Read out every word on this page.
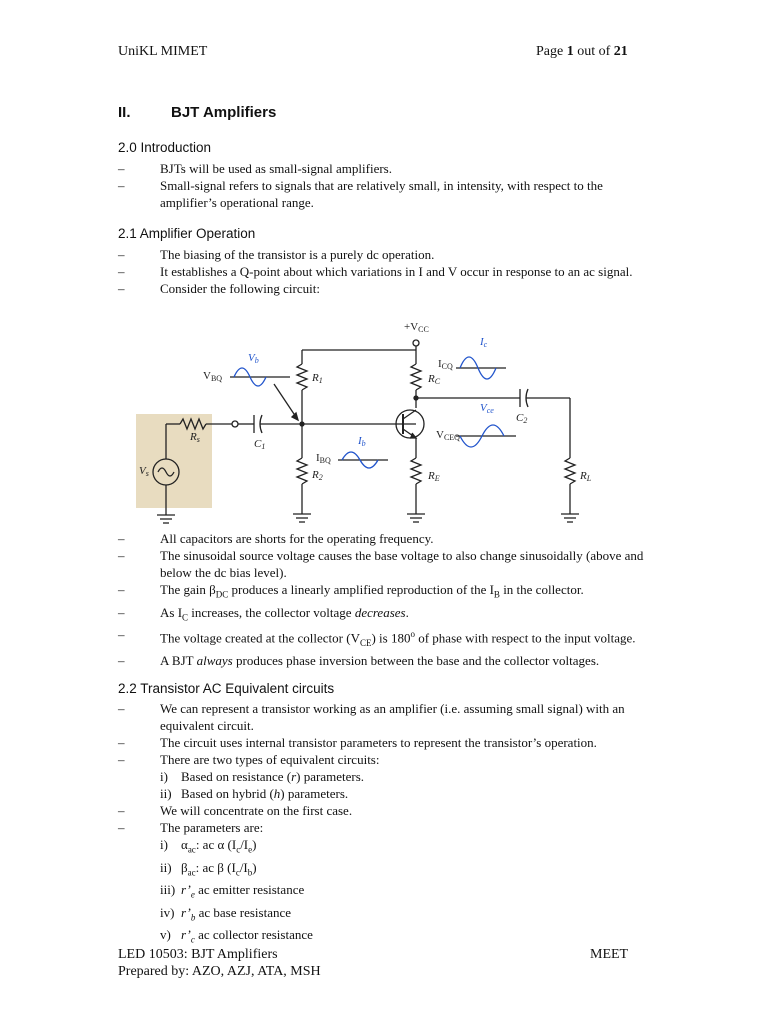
UniKL MIMET	Page 1 out of 21
II.	BJT Amplifiers
2.0 Introduction
– BJTs will be used as small-signal amplifiers.
– Small-signal refers to signals that are relatively small, in intensity, with respect to the amplifier’s operational range.
2.1 Amplifier Operation
– The biasing of the transistor is a purely dc operation.
– It establishes a Q-point about which variations in I and V occur in response to an ac signal.
– Consider the following circuit:
+VCC
Vb
VBQ	R1
R2
Rs
Vs
C1
C2
Ib
IBQ
Ic
ICQ
RC
RE
Vce
VCEQ
RL
– All capacitors are shorts for the operating frequency.
– The sinusoidal source voltage causes the base voltage to also change sinusoidally (above and below the dc bias level).
– The gain $\beta_{DC}$ produces a linearly amplified reproduction of the $I_B$ in the collector.
– As $I_C$ increases, the collector voltage decreases.
– The voltage created at the collector $(V_{CE})$ is 180$^o$ of phase with respect to the input voltage.
– A BJT always produces phase inversion between the base and the collector voltages.
2.2 Transistor AC Equivalent circuits
– We can represent a transistor working as an amplifier (i.e. assuming small signal) with an equivalent circuit.
– The circuit uses internal transistor parameters to represent the transistor’s operation.
– There are two types of equivalent circuits:
i) Based on resistance (r) parameters.
ii) Based on hybrid (h) parameters.
– We will concentrate on the first case.
– The parameters are:
i) $\alpha_{ac}$: ac α $(I_c/I_e)$
ii) $\beta_{ac}$: ac β $(I_c/I_b)$
iii) $r’_e$ ac emitter resistance
iv) $r’_b$ ac base resistance
v) $r’_c$ ac collector resistance
LED 10503: BJT Amplifiers	MEET
Prepared by: AZO, AZJ, ATA, MSH
